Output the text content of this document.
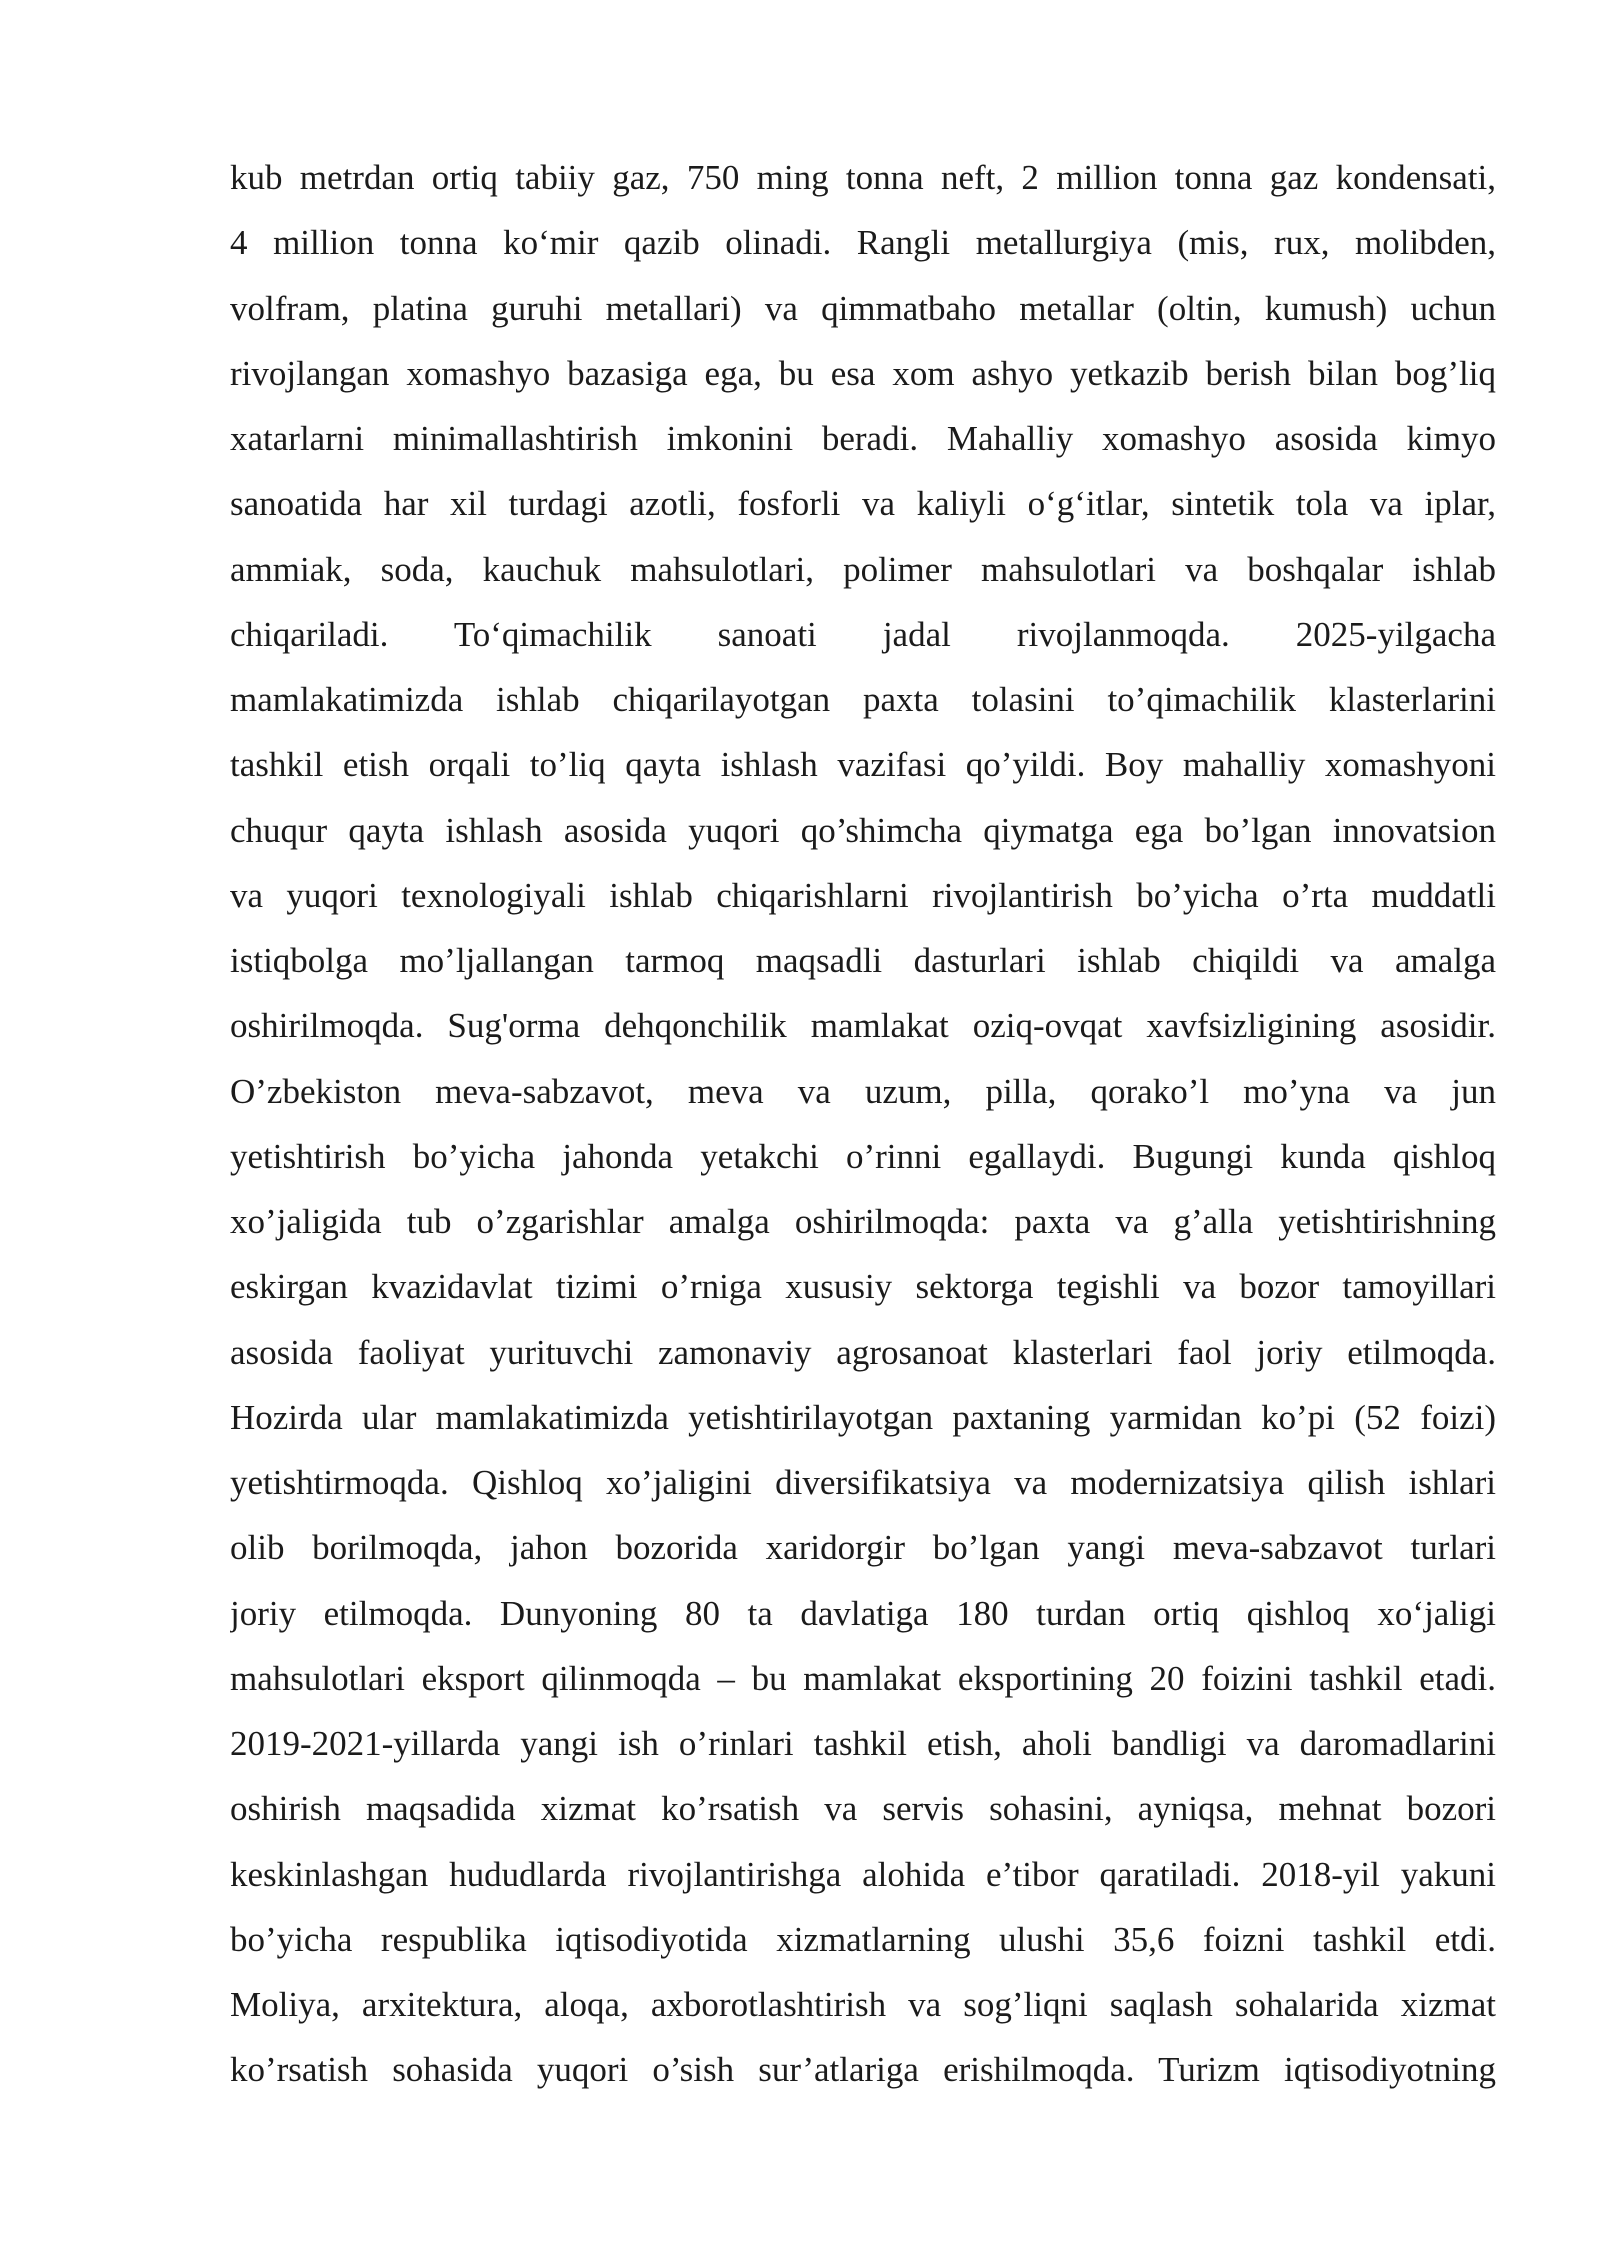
kub metrdan ortiq tabiiy gaz, 750 ming tonna neft, 2 million tonna gaz kondensati,
4 million tonna ko‘mir qazib olinadi. Rangli metallurgiya (mis, rux, molibden,
volfram, platina guruhi metallari) va qimmatbaho metallar (oltin, kumush) uchun
rivojlangan xomashyo bazasiga ega, bu esa xom ashyo yetkazib berish bilan bog’liq
xatarlarni minimallashtirish imkonini beradi. Mahalliy xomashyo asosida kimyo
sanoatida har xil turdagi azotli, fosforli va kaliyli o‘g‘itlar, sintetik tola va iplar,
ammiak, soda, kauchuk mahsulotlari, polimer mahsulotlari va boshqalar ishlab
chiqariladi. To‘qimachilik sanoati jadal rivojlanmoqda. 2025-yilgacha
mamlakatimizda ishlab chiqarilayotgan paxta tolasini to’qimachilik klasterlarini
tashkil etish orqali to’liq qayta ishlash vazifasi qo’yildi. Boy mahalliy xomashyoni
chuqur qayta ishlash asosida yuqori qo’shimcha qiymatga ega bo’lgan innovatsion
va yuqori texnologiyali ishlab chiqarishlarni rivojlantirish bo’yicha o’rta muddatli
istiqbolga mo’ljallangan tarmoq maqsadli dasturlari ishlab chiqildi va amalga
oshirilmoqda. Sug'orma dehqonchilik mamlakat oziq-ovqat xavfsizligining asosidir.
O’zbekiston meva-sabzavot, meva va uzum, pilla, qorako’l mo’yna va jun
yetishtirish bo’yicha jahonda yetakchi o’rinni egallaydi. Bugungi kunda qishloq
xo’jaligida tub o’zgarishlar amalga oshirilmoqda: paxta va g’alla yetishtirishning
eskirgan kvazidavlat tizimi o’rniga xususiy sektorga tegishli va bozor tamoyillari
asosida faoliyat yurituvchi zamonaviy agrosanoat klasterlari faol joriy etilmoqda.
Hozirda ular mamlakatimizda yetishtirilayotgan paxtaning yarmidan ko’pi (52 foizi)
yetishtirmoqda. Qishloq xo’jaligini diversifikatsiya va modernizatsiya qilish ishlari
olib borilmoqda, jahon bozorida xaridorgir bo’lgan yangi meva-sabzavot turlari
joriy etilmoqda. Dunyoning 80 ta davlatiga 180 turdan ortiq qishloq xo‘jaligi
mahsulotlari eksport qilinmoqda – bu mamlakat eksportining 20 foizini tashkil etadi.
2019-2021-yillarda yangi ish o’rinlari tashkil etish, aholi bandligi va daromadlarini
oshirish maqsadida xizmat ko’rsatish va servis sohasini, ayniqsa, mehnat bozori
keskinlashgan hududlarda rivojlantirishga alohida e’tibor qaratiladi. 2018-yil yakuni
bo’yicha respublika iqtisodiyotida xizmatlarning ulushi 35,6 foizni tashkil etdi.
Moliya, arxitektura, aloqa, axborotlashtirish va sog’liqni saqlash sohalarida xizmat
ko’rsatish sohasida yuqori o’sish sur’atlariga erishilmoqda. Turizm iqtisodiyotning
